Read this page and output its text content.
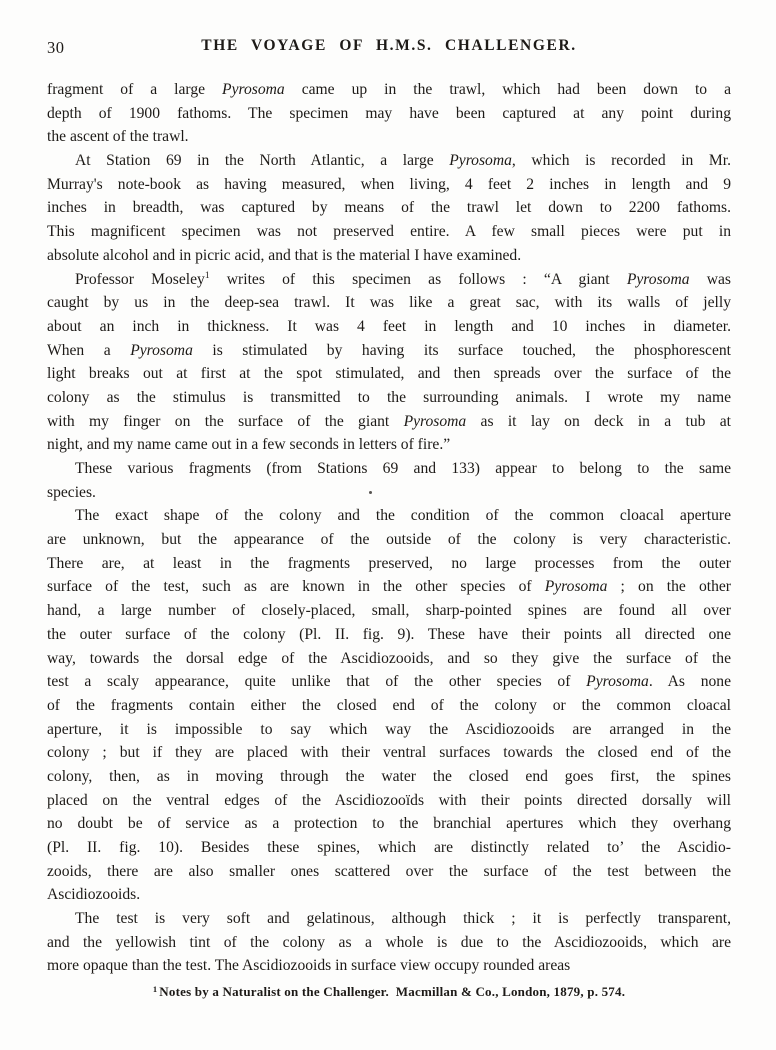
30	THE VOYAGE OF H.M.S. CHALLENGER.
fragment of a large Pyrosoma came up in the trawl, which had been down to a
depth of 1900 fathoms. The specimen may have been captured at any point during
the ascent of the trawl.
At Station 69 in the North Atlantic, a large Pyrosoma, which is recorded in Mr.
Murray's note-book as having measured, when living, 4 feet 2 inches in length and 9
inches in breadth, was captured by means of the trawl let down to 2200 fathoms.
This magnificent specimen was not preserved entire. A few small pieces were put in
absolute alcohol and in picric acid, and that is the material I have examined.
Professor Moseley$^1$ writes of this specimen as follows : “A giant Pyrosoma was
caught by us in the deep-sea trawl. It was like a great sac, with its walls of jelly
about an inch in thickness. It was 4 feet in length and 10 inches in diameter.
When a Pyrosoma is stimulated by having its surface touched, the phosphorescent
light breaks out at first at the spot stimulated, and then spreads over the surface of the
colony as the stimulus is transmitted to the surrounding animals. I wrote my name
with my finger on the surface of the giant Pyrosoma as it lay on deck in a tub at
night, and my name came out in a few seconds in letters of fire.”
These various fragments (from Stations 69 and 133) appear to belong to the same
species.
The exact shape of the colony and the condition of the common cloacal aperture
are unknown, but the appearance of the outside of the colony is very characteristic.
There are, at least in the fragments preserved, no large processes from the outer
surface of the test, such as are known in the other species of Pyrosoma ; on the other
hand, a large number of closely-placed, small, sharp-pointed spines are found all over
the outer surface of the colony (Pl. II. fig. 9). These have their points all directed one
way, towards the dorsal edge of the Ascidiozooids, and so they give the surface of the
test a scaly appearance, quite unlike that of the other species of Pyrosoma. As none
of the fragments contain either the closed end of the colony or the common cloacal
aperture, it is impossible to say which way the Ascidiozooids are arranged in the
colony ; but if they are placed with their ventral surfaces towards the closed end of the
colony, then, as in moving through the water the closed end goes first, the spines
placed on the ventral edges of the Ascidiozooïds with their points directed dorsally will
no doubt be of service as a protection to the branchial apertures which they overhang
(Pl. II. fig. 10). Besides these spines, which are distinctly related to’ the Ascidio-
zooids, there are also smaller ones scattered over the surface of the test between the
Ascidiozooids.
The test is very soft and gelatinous, although thick ; it is perfectly transparent,
and the yellowish tint of the colony as a whole is due to the Ascidiozooids, which are
more opaque than the test. The Ascidiozooids in surface view occupy rounded areas
$^1$ Notes by a Naturalist on the Challenger.  Macmillan & Co., London, 1879, p. 574.
